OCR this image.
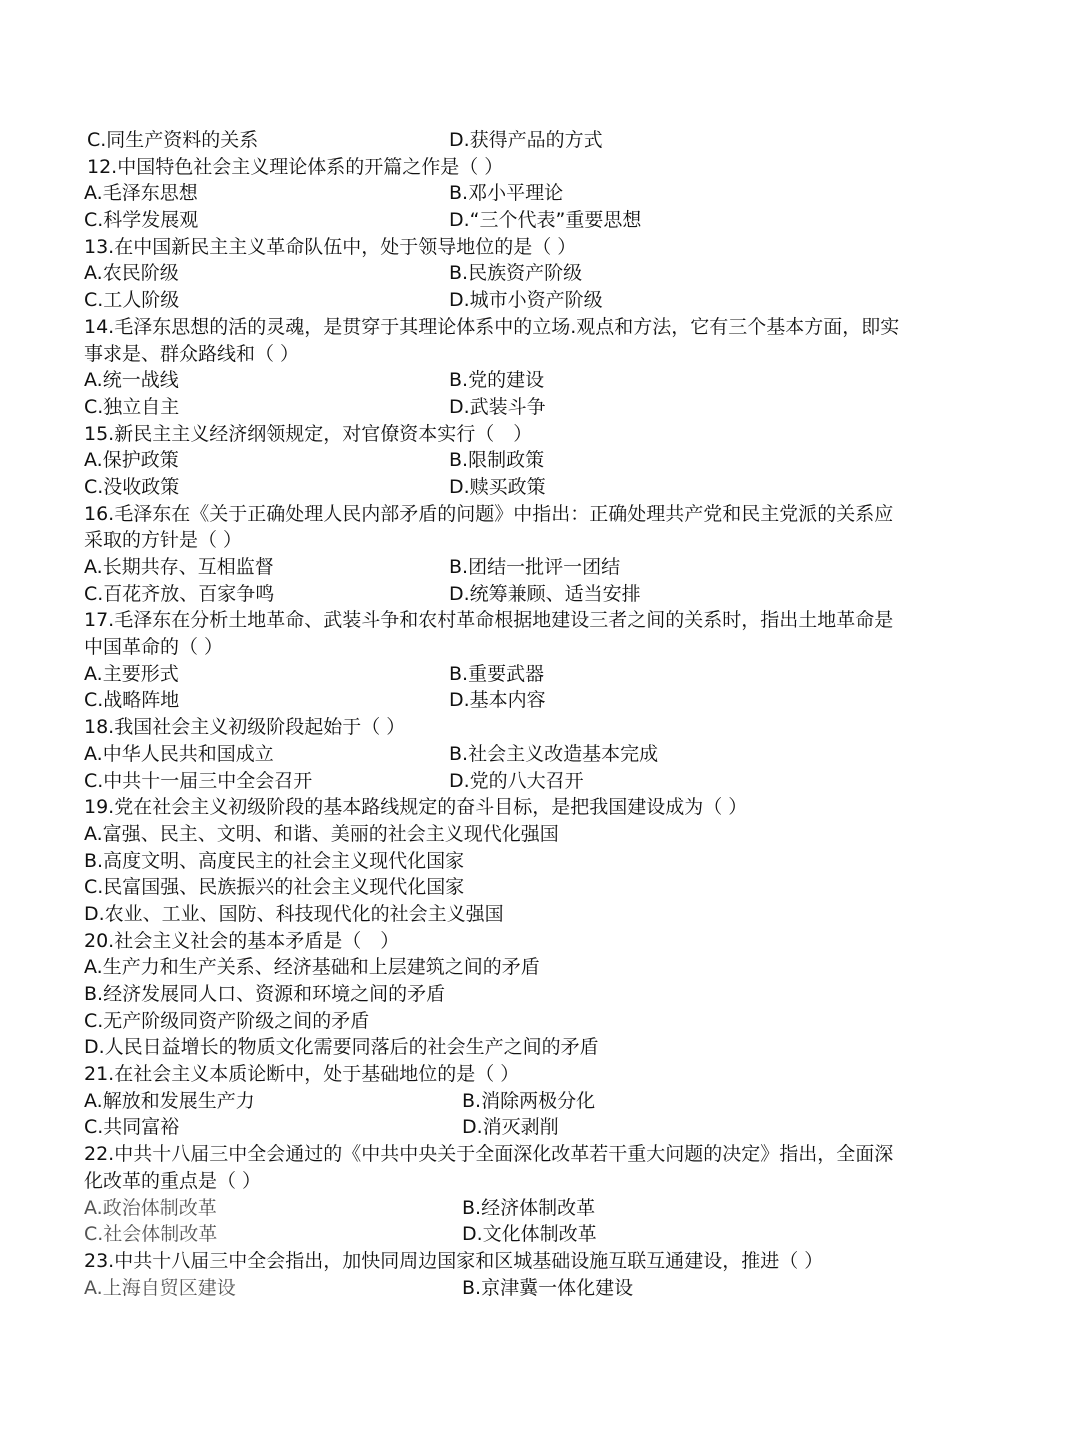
C.同生产资料的关系	D.获得产品的方式
12.中国特色社会主义理论体系的开篇之作是（ ）
A.毛泽东思想	B.邓小平理论
C.科学发展观	D.“三个代表”重要思想
13.在中国新民主主义革命队伍中，处于领导地位的是（ ）
A.农民阶级	B.民族资产阶级
C.工人阶级	D.城市小资产阶级
14.毛泽东思想的活的灵魂，是贯穿于其理论体系中的立场.观点和方法，它有三个基本方面，即实
事求是、群众路线和（ ）
A.统一战线	B.党的建设
C.独立自主	D.武装斗争
15.新民主主义经济纲领规定，对官僚资本实行（　）
A.保护政策	B.限制政策
C.没收政策	D.赎买政策
16.毛泽东在《关于正确处理人民内部矛盾的问题》中指出：正确处理共产党和民主党派的关系应
采取的方针是（ ）
A.长期共存、互相监督	B.团结一批评一团结
C.百花齐放、百家争鸣	D.统筹兼顾、适当安排
17.毛泽东在分析土地革命、武装斗争和农村革命根据地建设三者之间的关系时，指出土地革命是
中国革命的（ ）
A.主要形式	B.重要武器
C.战略阵地	D.基本内容
18.我国社会主义初级阶段起始于（ ）
A.中华人民共和国成立	B.社会主义改造基本完成
C.中共十一届三中全会召开	D.党的八大召开
19.党在社会主义初级阶段的基本路线规定的奋斗目标，是把我国建设成为（ ）
A.富强、民主、文明、和谐、美丽的社会主义现代化强国
B.高度文明、高度民主的社会主义现代化国家
C.民富国强、民族振兴的社会主义现代化国家
D.农业、工业、国防、科技现代化的社会主义强国
20.社会主义社会的基本矛盾是（　）
A.生产力和生产关系、经济基础和上层建筑之间的矛盾
B.经济发展同人口、资源和环境之间的矛盾
C.无产阶级同资产阶级之间的矛盾
D.人民日益增长的物质文化需要同落后的社会生产之间的矛盾
21.在社会主义本质论断中，处于基础地位的是（ ）
A.解放和发展生产力	B.消除两极分化
C.共同富裕	D.消灭剥削
22.中共十八届三中全会通过的《中共中央关于全面深化改革若干重大问题的决定》指出，全面深
化改革的重点是（ ）
A.政治体制改革	B.经济体制改革
C.社会体制改革	D.文化体制改革
23.中共十八届三中全会指出，加快同周边国家和区城基础设施互联互通建设，推进（ ）
A.上海自贸区建设	B.京津冀一体化建设
